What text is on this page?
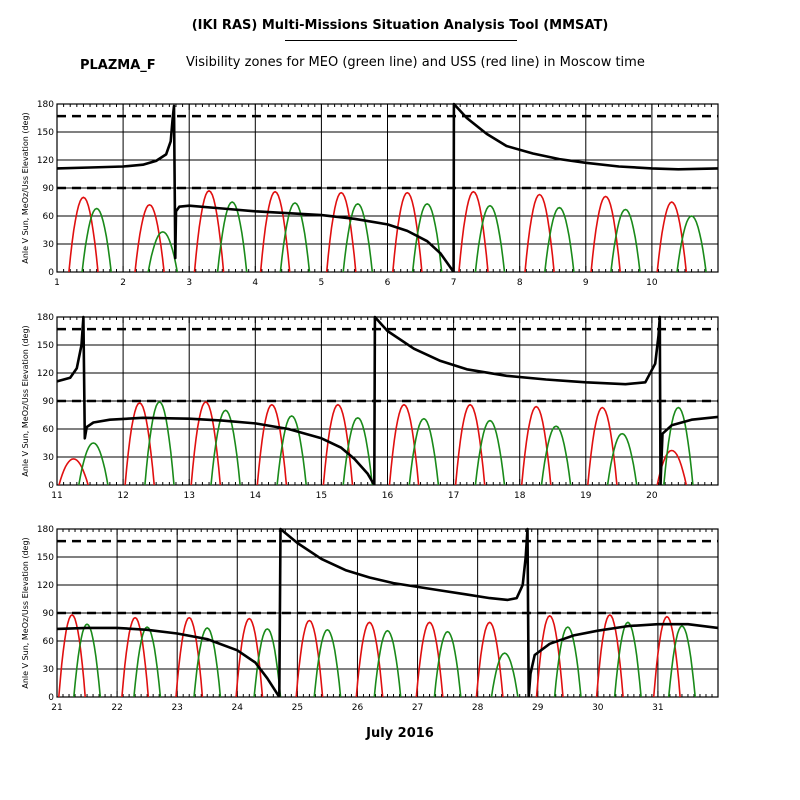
(IKI RAS) Multi-Missions Situation Analysis Tool (MMSAT)
PLAZMA_F Visibility zones for MEO (green line) and USS (red line) in Moscow time
July 2016
0
30
60
90
120
150
180
1	2	3	4	5	6	7	8	9	10
Anle V Sun, MeOz/Uss Elevation (deg)
0
30
60
90
120
150
180
11	12	13	14	15	16	17	18	19	20
Anle V Sun, MeOz/Uss Elevation (deg)
0
30
60
90
120
150
180
21	22	23	24	25	26	27	28	29	30	31
Anle V Sun, MeOz/Uss Elevation (deg)
